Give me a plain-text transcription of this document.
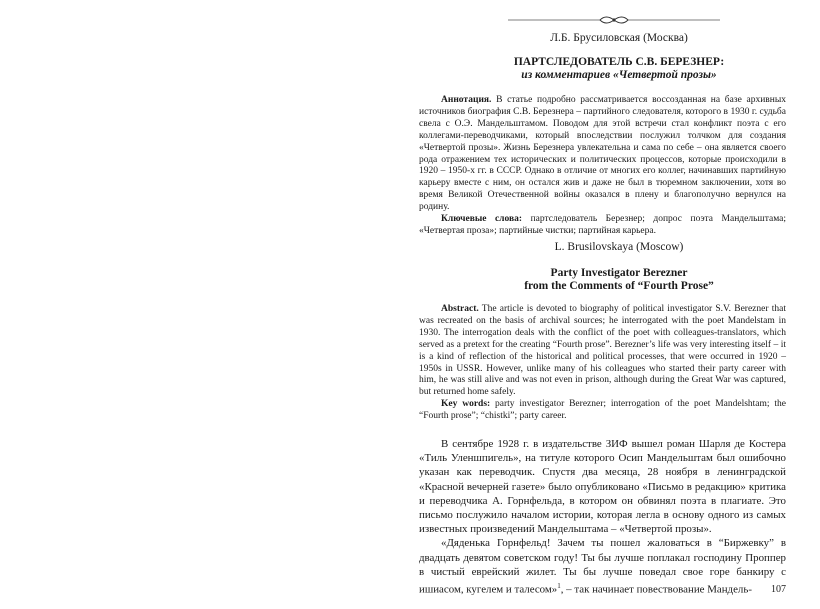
Л.Б. Брусиловская (Москва)
ПАРТСЛЕДОВАТЕЛЬ С.В. БЕРЕЗНЕР:
из комментариев «Четвертой прозы»

Аннотация. В статье подробно рассматривается воссозданная на базе архивных источников биография С.В. Березнера – партийного следователя, которого в 1930 г. судьба свела с О.Э. Мандельштамом. Поводом для этой встречи стал конфликт поэта с его коллегами-переводчиками, который впоследствии послужил толчком для создания «Четвертой прозы». Жизнь Березнера увлекательна и сама по себе – она является своего рода отражением тех исторических и политических процессов, которые происходили в 1920 – 1950-х гг. в СССР. Однако в отличие от многих его коллег, начинавших партийную карьеру вместе с ним, он остался жив и даже не был в тюремном заключении, хотя во время Великой Отечественной войны оказался в плену и благополучно вернулся на родину.

Ключевые слова: партследователь Березнер; допрос поэта Мандельштама; «Четвертая проза»; партийные чистки; партийная карьера.

L. Brusilovskaya (Moscow)
Party Investigator Berezner
from the Comments of “Fourth Prose”

Abstract. The article is devoted to biography of political investigator S.V. Berezner that was recreated on the basis of archival sources; he interrogated with the poet Mandelstam in 1930. The interrogation deals with the conflict of the poet with colleagues-translators, which served as a pretext for the creating “Fourth prose”. Berezner’s life was very interesting itself – it is a kind of reflection of the historical and political processes, that were occurred in 1920 – 1950s in USSR. However, unlike many of his colleagues who started their party career with him, he was still alive and was not even in prison, although during the Great War was captured, but returned home safely.

Key words: party investigator Berezner; interrogation of the poet Mandelshtam; the “Fourth prose”; “chistki”; party career.

В сентябре 1928 г. в издательстве ЗИФ вышел роман Шарля де Костера «Тиль Уленшпигель», на титуле которого Осип Мандельштам был ошибочно указан как переводчик. Спустя два месяца, 28 ноября в ленинградской «Красной вечерней газете» было опубликовано «Письмо в редакцию» критика и переводчика А. Горнфельда, в котором он обвинял поэта в плагиате. Это письмо послужило началом истории, которая легла в основу одного из самых известных произведений Мандельштама – «Четвертой прозы».

«Дяденька Горнфельд! Зачем ты пошел жаловаться в “Биржевку” в двадцать девятом советском году! Ты бы лучше поплакал господину Проппер в чистый еврейский жилет. Ты бы лучше поведал свое горе банкиру с ишиасом, кугелем и талесом»$^1$, – так начинает повествование Мандель-	107
